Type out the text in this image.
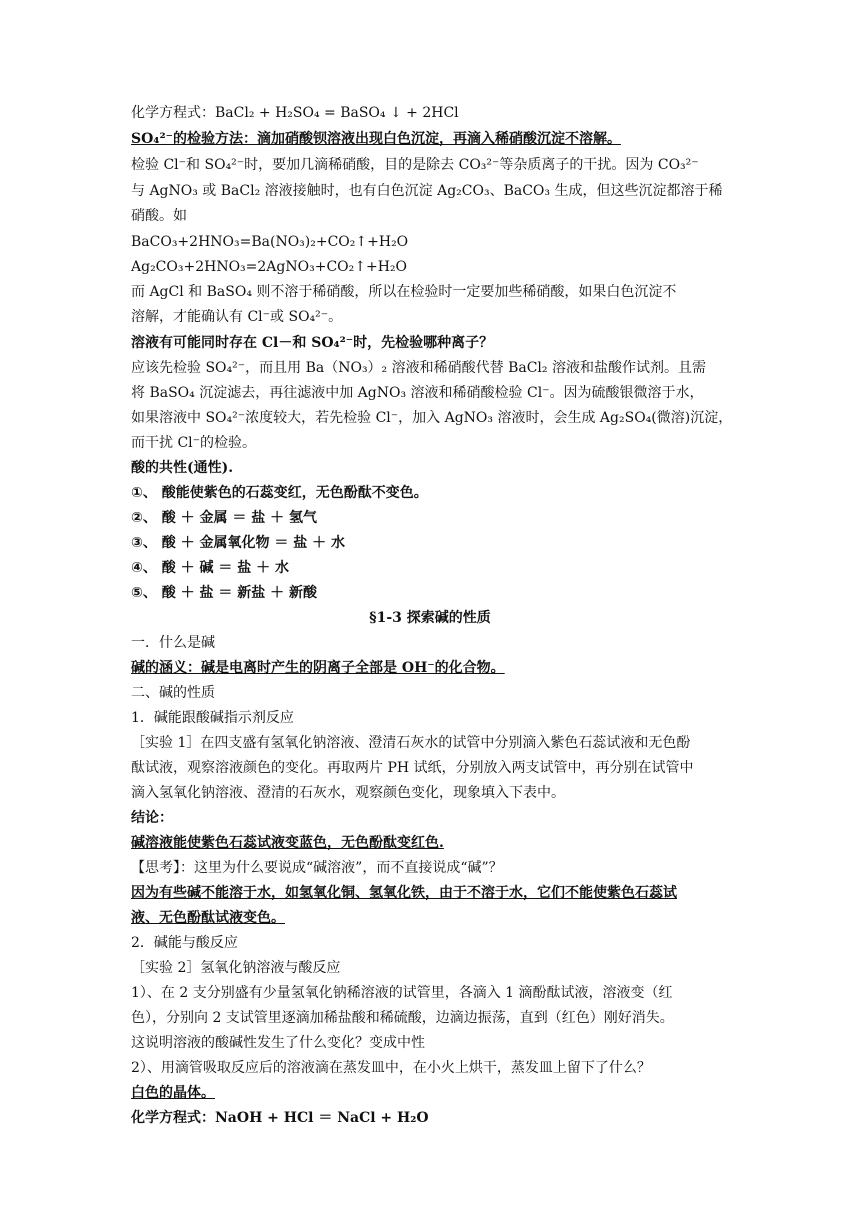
化学方程式：BaCl₂ + H₂SO₄ = BaSO₄ ↓ + 2HCl
SO₄²⁻的检验方法：滴加硝酸钡溶液出现白色沉淀，再滴入稀硝酸沉淀不溶解。
检验 Cl⁻和 SO₄²⁻时，要加几滴稀硝酸，目的是除去 CO₃²⁻等杂质离子的干扰。因为 CO₃²⁻
与 AgNO₃ 或 BaCl₂ 溶液接触时，也有白色沉淀 Ag₂CO₃、BaCO₃ 生成，但这些沉淀都溶于稀
硝酸。如
BaCO₃+2HNO₃=Ba(NO₃)₂+CO₂↑+H₂O
Ag₂CO₃+2HNO₃=2AgNO₃+CO₂↑+H₂O
而 AgCl 和 BaSO₄ 则不溶于稀硝酸，所以在检验时一定要加些稀硝酸，如果白色沉淀不
溶解，才能确认有 Cl⁻或 SO₄²⁻。
溶液有可能同时存在 Cl－和 SO₄²⁻时，先检验哪种离子？
应该先检验 SO₄²⁻，而且用 Ba（NO₃）₂ 溶液和稀硝酸代替 BaCl₂ 溶液和盐酸作试剂。且需
将 BaSO₄ 沉淀滤去，再往滤液中加 AgNO₃ 溶液和稀硝酸检验 Cl⁻。因为硫酸银微溶于水，
如果溶液中 SO₄²⁻浓度较大，若先检验 Cl⁻，加入 AgNO₃ 溶液时，会生成 Ag₂SO₄(微溶)沉淀，
而干扰 Cl⁻的检验。
酸的共性(通性).
①、 酸能使紫色的石蕊变红，无色酚酞不变色。
②、 酸 ＋ 金属 ＝ 盐 ＋ 氢气
③、 酸 ＋ 金属氧化物 ＝ 盐 ＋ 水
④、 酸 ＋ 碱 ＝ 盐 ＋ 水
⑤、 酸 ＋ 盐 ＝ 新盐 ＋ 新酸
§1-3 探索碱的性质
一．什么是碱
碱的涵义：碱是电离时产生的阴离子全部是 OH⁻的化合物。
二、碱的性质
1．碱能跟酸碱指示剂反应
［实验 1］在四支盛有氢氧化钠溶液、澄清石灰水的试管中分别滴入紫色石蕊试液和无色酚
酞试液，观察溶液颜色的变化。再取两片 PH 试纸，分别放入两支试管中，再分别在试管中
滴入氢氧化钠溶液、澄清的石灰水，观察颜色变化，现象填入下表中。
结论：
碱溶液能使紫色石蕊试液变蓝色，无色酚酞变红色.
【思考】：这里为什么要说成“碱溶液”，而不直接说成“碱”？
因为有些碱不能溶于水，如氢氧化铜、氢氧化铁，由于不溶于水，它们不能使紫色石蕊试
液、无色酚酞试液变色。
2．碱能与酸反应
［实验 2］氢氧化钠溶液与酸反应
1）、在 2 支分别盛有少量氢氧化钠稀溶液的试管里，各滴入 1 滴酚酞试液，溶液变（红
色），分别向 2 支试管里逐滴加稀盐酸和稀硫酸，边滴边振荡，直到（红色）刚好消失。
这说明溶液的酸碱性发生了什么变化？变成中性
2）、用滴管吸取反应后的溶液滴在蒸发皿中，在小火上烘干，蒸发皿上留下了什么？
白色的晶体。
化学方程式：NaOH + HCl ＝ NaCl + H₂O
